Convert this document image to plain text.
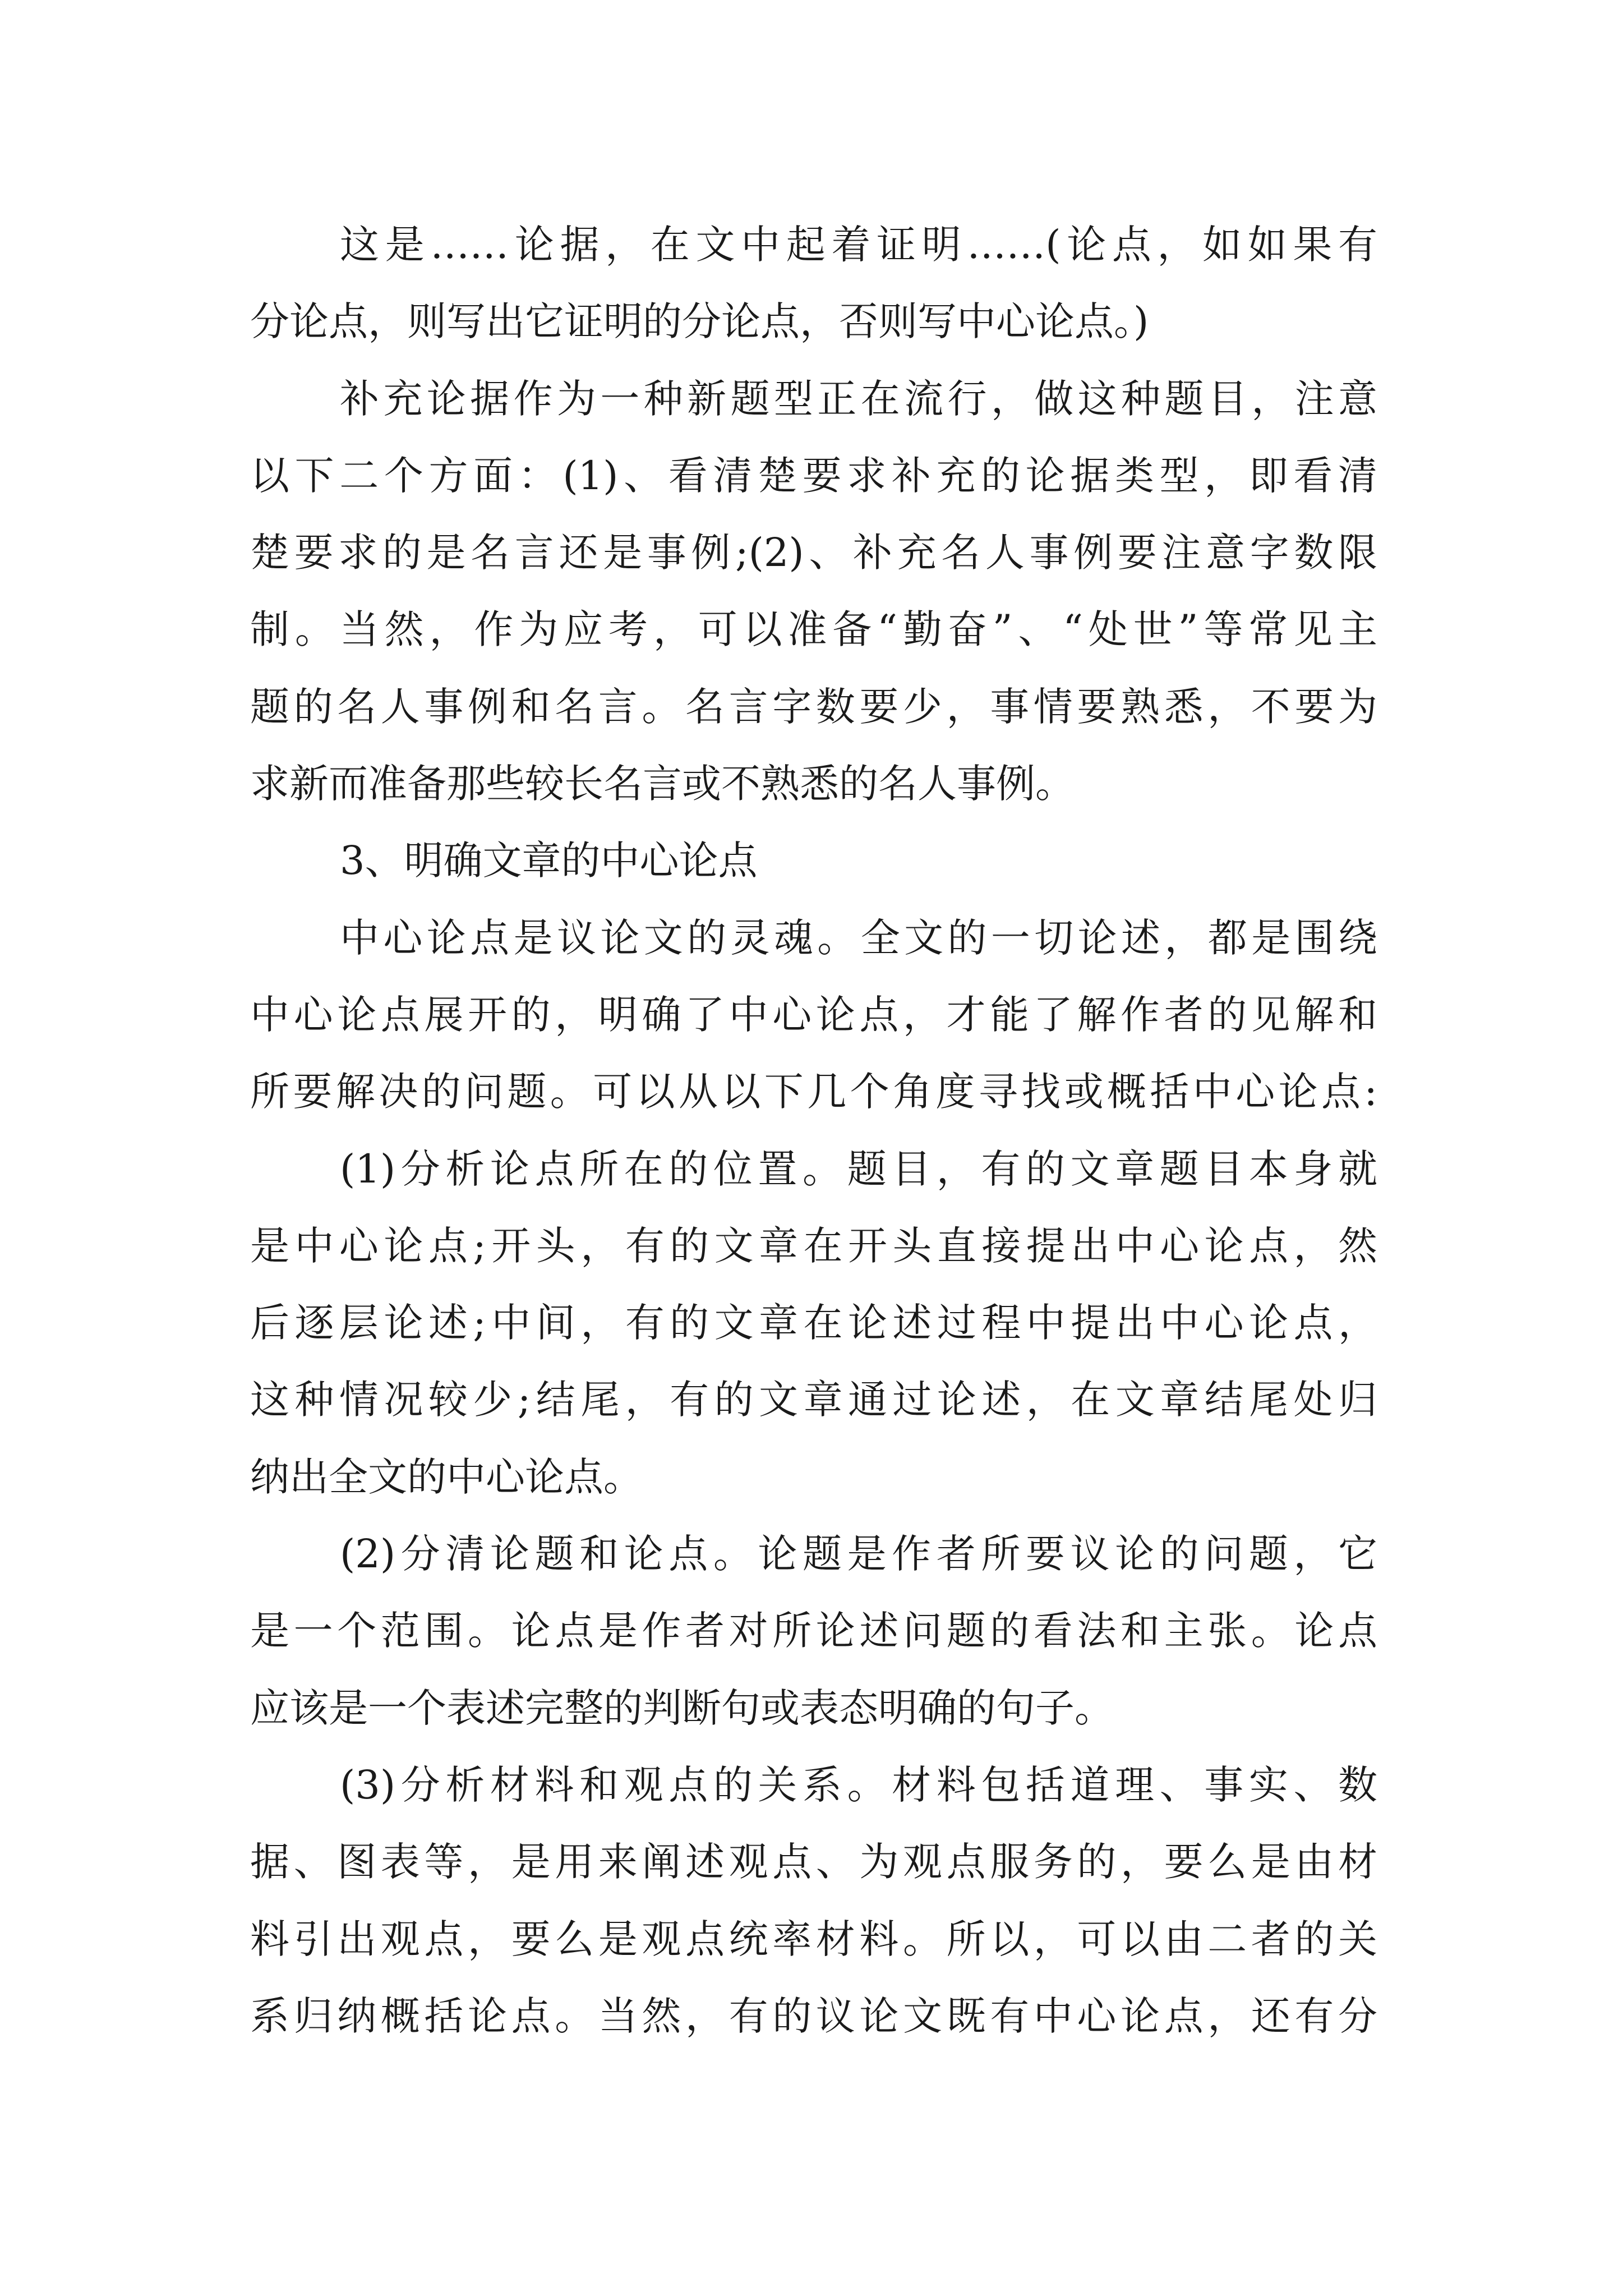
这是……论据，在文中起着证明……(论点，如如果有
分论点，则写出它证明的分论点，否则写中心论点。)
补充论据作为一种新题型正在流行，做这种题目，注意
以下二个方面：(1)、看清楚要求补充的论据类型，即看清
楚要求的是名言还是事例;(2)、补充名人事例要注意字数限
制。当然，作为应考，可以准备“勤奋”、“处世”等常见主
题的名人事例和名言。名言字数要少，事情要熟悉，不要为
求新而准备那些较长名言或不熟悉的名人事例。
3、明确文章的中心论点
中心论点是议论文的灵魂。全文的一切论述，都是围绕
中心论点展开的，明确了中心论点，才能了解作者的见解和
所要解决的问题。可以从以下几个角度寻找或概括中心论点:
(1)分析论点所在的位置。题目，有的文章题目本身就
是中心论点;开头，有的文章在开头直接提出中心论点，然
后逐层论述;中间，有的文章在论述过程中提出中心论点，
这种情况较少;结尾，有的文章通过论述，在文章结尾处归
纳出全文的中心论点。
(2)分清论题和论点。论题是作者所要议论的问题，它
是一个范围。论点是作者对所论述问题的看法和主张。论点
应该是一个表述完整的判断句或表态明确的句子。
(3)分析材料和观点的关系。材料包括道理、事实、数
据、图表等，是用来阐述观点、为观点服务的，要么是由材
料引出观点，要么是观点统率材料。所以，可以由二者的关
系归纳概括论点。当然，有的议论文既有中心论点，还有分
